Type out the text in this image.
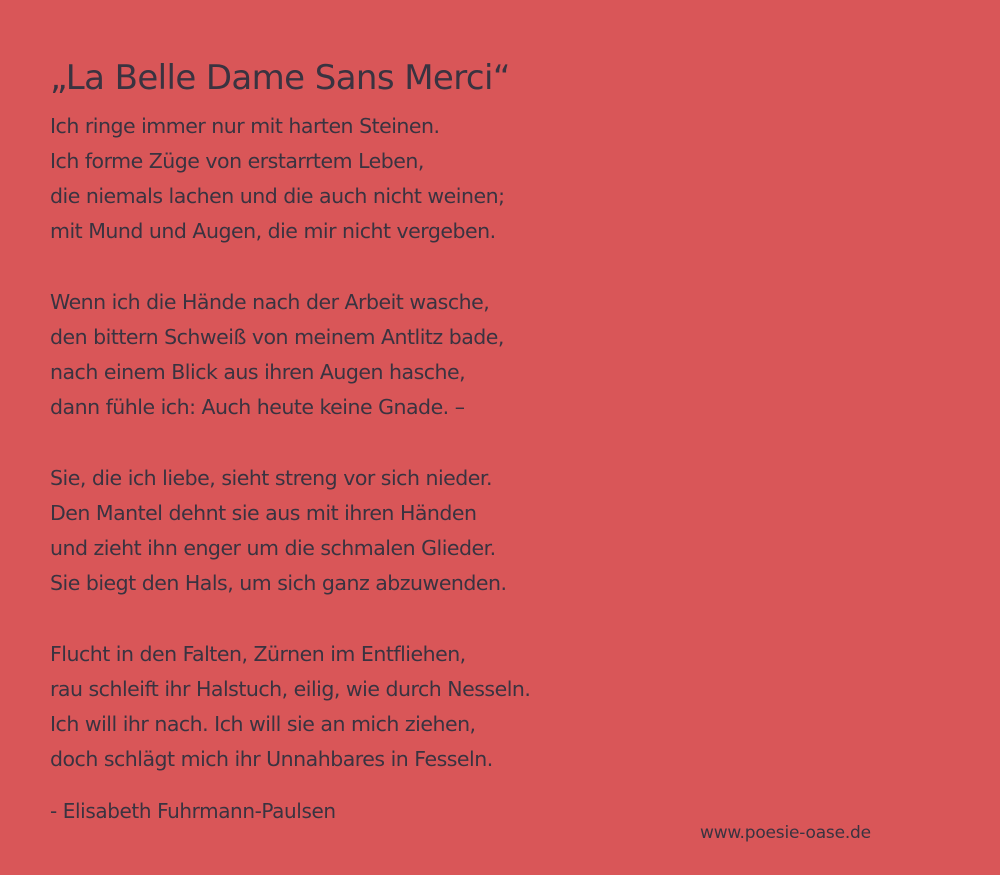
„La Belle Dame Sans Merci“
Ich ringe immer nur mit harten Steinen.
Ich forme Züge von erstarrtem Leben,
die niemals lachen und die auch nicht weinen;
mit Mund und Augen, die mir nicht vergeben.
Wenn ich die Hände nach der Arbeit wasche,
den bittern Schweiß von meinem Antlitz bade,
nach einem Blick aus ihren Augen hasche,
dann fühle ich: Auch heute keine Gnade. –
Sie, die ich liebe, sieht streng vor sich nieder.
Den Mantel dehnt sie aus mit ihren Händen
und zieht ihn enger um die schmalen Glieder.
Sie biegt den Hals, um sich ganz abzuwenden.
Flucht in den Falten, Zürnen im Entfliehen,
rau schleift ihr Halstuch, eilig, wie durch Nesseln.
Ich will ihr nach. Ich will sie an mich ziehen,
doch schlägt mich ihr Unnahbares in Fesseln.
- Elisabeth Fuhrmann-Paulsen
www.poesie-oase.de
